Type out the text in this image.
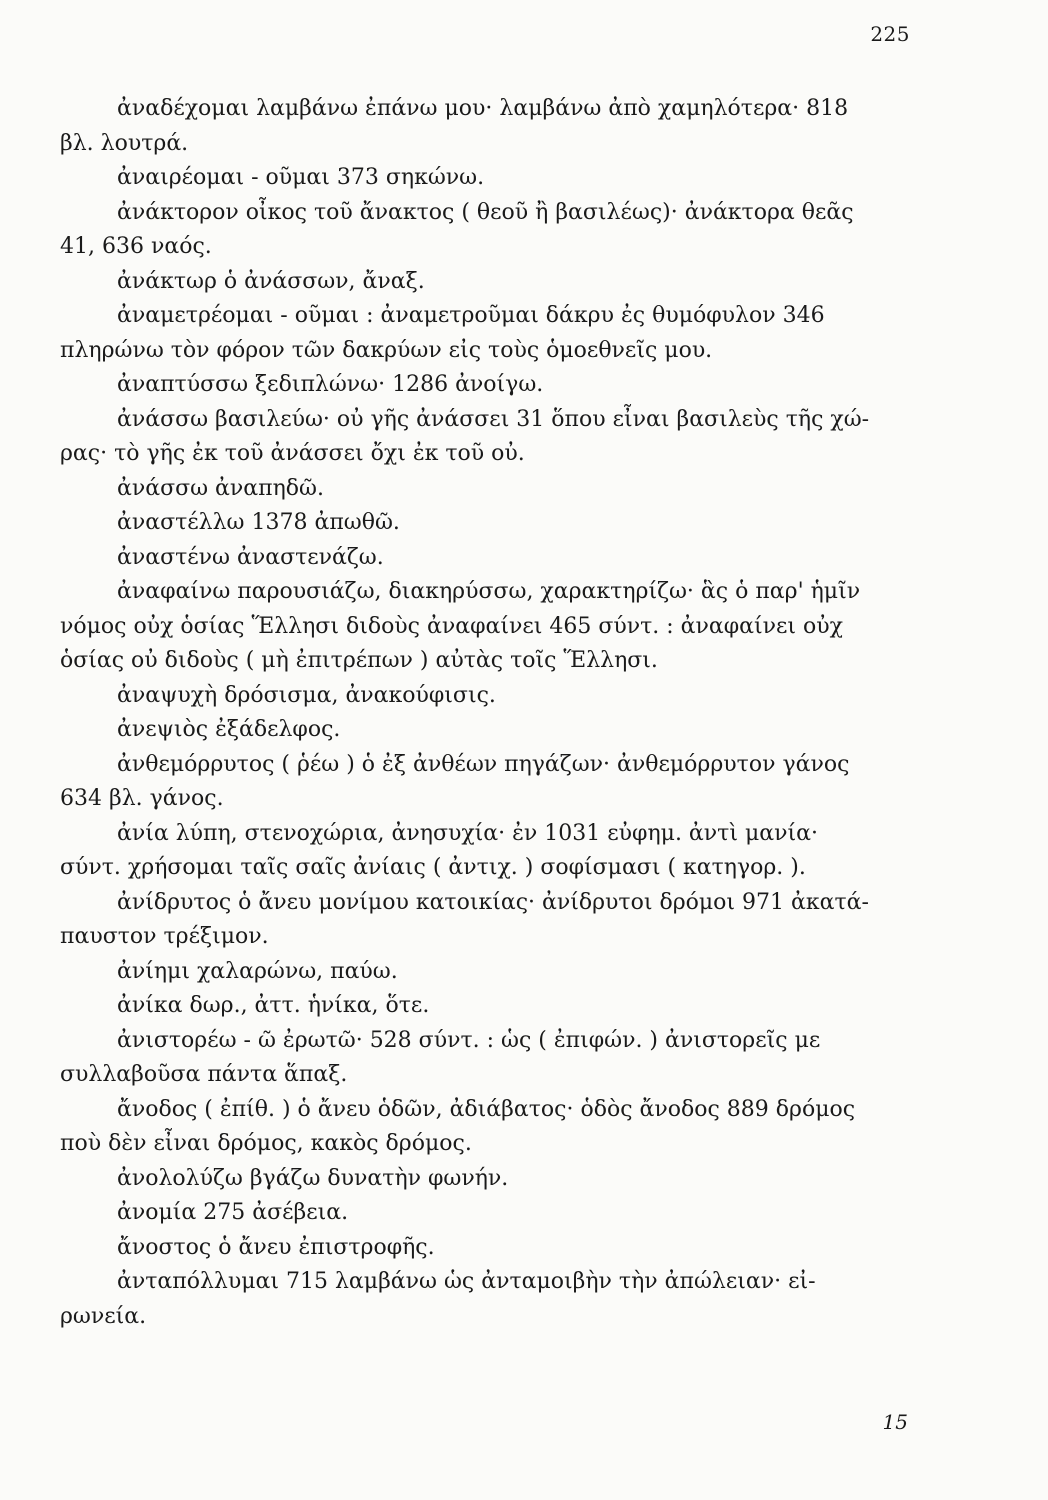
225
ἀναδέχομαι λαμβάνω ἐπάνω μου· λαμβάνω ἀπὸ χαμηλότερα· 818
βλ. λουτρά.
ἀναιρέομαι - οῦμαι 373 σηκώνω.
ἀνάκτορον οἶκος τοῦ ἄνακτος ( θεοῦ ἢ βασιλέως)· ἀνάκτορα θεᾶς
41, 636 ναός.
ἀνάκτωρ ὁ ἀνάσσων, ἄναξ.
ἀναμετρέομαι - οῦμαι : ἀναμετροῦμαι δάκρυ ἐς θυμόφυλον 346
πληρώνω τὸν φόρον τῶν δακρύων εἰς τοὺς ὁμοεθνεῖς μου.
ἀναπτύσσω ξεδιπλώνω· 1286 ἀνοίγω.
ἀνάσσω βασιλεύω· οὐ γῆς ἀνάσσει 31 ὅπου εἶναι βασιλεὺς τῆς χώ-
ρας· τὸ γῆς ἐκ τοῦ ἀνάσσει ὄχι ἐκ τοῦ οὐ.
ἀνάσσω ἀναπηδῶ.
ἀναστέλλω 1378 ἀπωθῶ.
ἀναστένω ἀναστενάζω.
ἀναφαίνω παρουσιάζω, διακηρύσσω, χαρακτηρίζω· ἃς ὁ παρ' ἡμῖν
νόμος οὐχ ὁσίας Ἕλλησι διδοὺς ἀναφαίνει 465 σύντ. : ἀναφαίνει οὐχ
ὁσίας οὐ διδοὺς ( μὴ ἐπιτρέπων ) αὐτὰς τοῖς Ἕλλησι.
ἀναψυχὴ δρόσισμα, ἀνακούφισις.
ἀνεψιὸς ἐξάδελφος.
ἀνθεμόρρυτος ( ῥέω ) ὁ ἐξ ἀνθέων πηγάζων· ἀνθεμόρρυτον γάνος
634 βλ. γάνος.
ἀνία λύπη, στενοχώρια, ἀνησυχία· ἐν 1031 εὐφημ. ἀντὶ μανία·
σύντ. χρήσομαι ταῖς σαῖς ἀνίαις ( ἀντιχ. ) σοφίσμασι ( κατηγορ. ).
ἀνίδρυτος ὁ ἄνευ μονίμου κατοικίας· ἀνίδρυτοι δρόμοι 971 ἀκατά-
παυστον τρέξιμον.
ἀνίημι χαλαρώνω, παύω.
ἀνίκα δωρ., ἀττ. ἡνίκα, ὅτε.
ἀνιστορέω - ῶ ἐρωτῶ· 528 σύντ. : ὡς ( ἐπιφών. ) ἀνιστορεῖς με
συλλαβοῦσα πάντα ἅπαξ.
ἄνοδος ( ἐπίθ. ) ὁ ἄνευ ὁδῶν, ἀδιάβατος· ὁδὸς ἄνοδος 889 δρόμος
ποὺ δὲν εἶναι δρόμος, κακὸς δρόμος.
ἀνολολύζω βγάζω δυνατὴν φωνήν.
ἀνομία 275 ἀσέβεια.
ἄνοστος ὁ ἄνευ ἐπιστροφῆς.
ἀνταπόλλυμαι 715 λαμβάνω ὡς ἀνταμοιβὴν τὴν ἀπώλειαν· εἰ-
ρωνεία.
15
